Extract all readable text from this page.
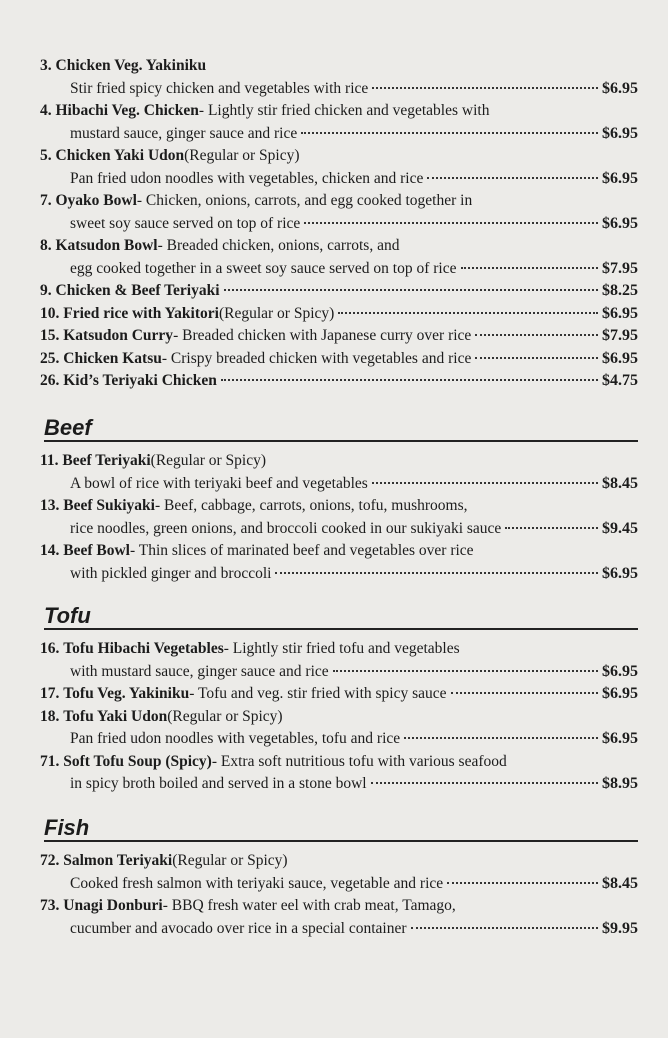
3.
Chicken Veg. Yakiniku
Stir fried spicy chicken and vegetables with rice	$6.95
4.
Hibachi Veg. Chicken - Lightly stir fried chicken and vegetables with
mustard sauce, ginger sauce and rice	$6.95
5.
Chicken Yaki Udon (Regular or Spicy)
Pan fried udon noodles with vegetables, chicken and rice	$6.95
7.
Oyako Bowl - Chicken, onions, carrots, and egg cooked together in
sweet soy sauce served on top of rice	$6.95
8.
Katsudon Bowl - Breaded chicken, onions, carrots, and
egg cooked together in a sweet soy sauce served on top of rice	$7.95
9.
Chicken & Beef Teriyaki	$8.25
10.
Fried rice with Yakitori (Regular or Spicy)	$6.95
15.
Katsudon Curry - Breaded chicken with Japanese curry over rice	$7.95
25.
Chicken Katsu - Crispy breaded chicken with vegetables and rice	$6.95
26.
Kid’s Teriyaki Chicken	$4.75
Beef
11.
Beef Teriyaki (Regular or Spicy)
A bowl of rice with teriyaki beef and vegetables	$8.45
13.
Beef Sukiyaki - Beef, cabbage, carrots, onions, tofu, mushrooms,
rice noodles, green onions, and broccoli cooked in our sukiyaki sauce	$9.45
14.
Beef Bowl - Thin slices of marinated beef and vegetables over rice
with pickled ginger and broccoli	$6.95
Tofu
16.
Tofu Hibachi Vegetables - Lightly stir fried tofu and vegetables
with mustard sauce, ginger sauce and rice	$6.95
17.
Tofu Veg. Yakiniku - Tofu and veg. stir fried with spicy sauce	$6.95
18.
Tofu Yaki Udon (Regular or Spicy)
Pan fried udon noodles with vegetables, tofu and rice	$6.95
71.
Soft Tofu Soup (Spicy) - Extra soft nutritious tofu with various seafood
in spicy broth boiled and served in a stone bowl	$8.95
Fish
72.
Salmon Teriyaki (Regular or Spicy)
Cooked fresh salmon with teriyaki sauce, vegetable and rice	$8.45
73.
Unagi Donburi - BBQ fresh water eel with crab meat, Tamago,
cucumber and avocado over rice in a special container	$9.95
